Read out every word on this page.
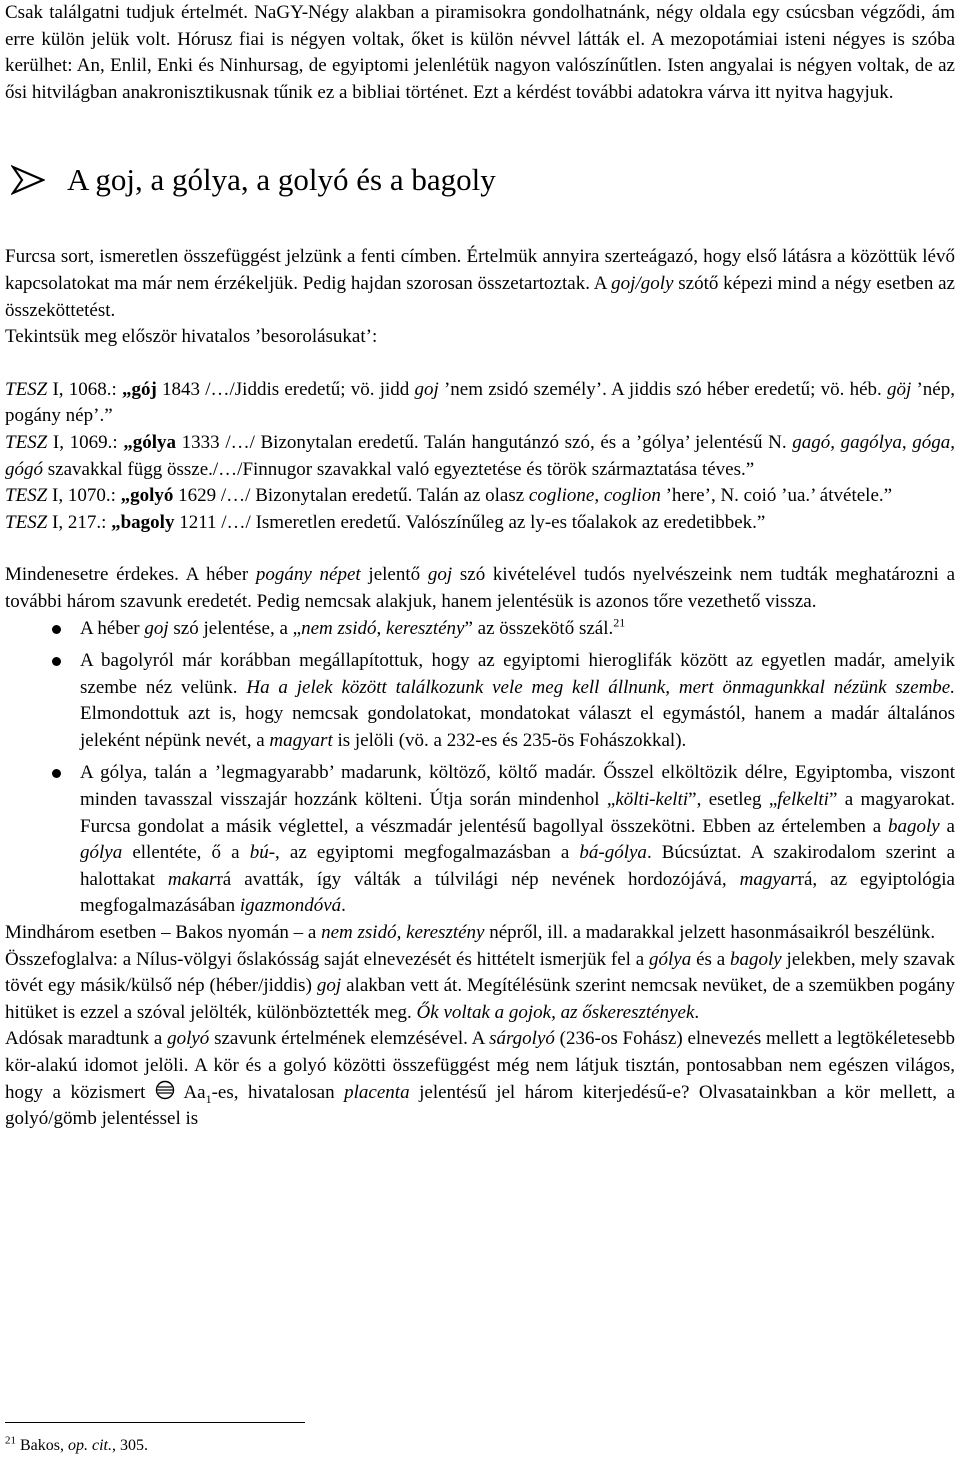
Csak találgatni tudjuk értelmét. NaGY-Négy alakban a piramisokra gondolhatnánk, négy oldala egy csúcsban végződi, ám erre külön jelük volt. Hórusz fiai is négyen voltak, őket is külön névvel látták el. A mezopotámiai isteni négyes is szóba kerülhet: An, Enlil, Enki és Ninhursag, de egyiptomi jelenlétük nagyon valószínűtlen. Isten angyalai is négyen voltak, de az ősi hitvilágban anakronisztikusnak tűnik ez a bibliai történet. Ezt a kérdést további adatokra várva itt nyitva hagyjuk.

A goj, a gólya, a golyó és a bagoly

Furcsa sort, ismeretlen összefüggést jelzünk a fenti címben. Értelmük annyira szerteágazó, hogy első látásra a közöttük lévő kapcsolatokat ma már nem érzékeljük. Pedig hajdan szorosan összetartoztak. A goj/goly szótő képezi mind a négy esetben az összeköttetést.

Tekintsük meg először hivatalos ’besorolásukat’:

TESZ I, 1068.: „gój 1843 /…/Jiddis eredetű; vö. jidd goj ’nem zsidó személy’. A jiddis szó héber eredetű; vö. héb. göj ’nép, pogány nép’.”

TESZ I, 1069.: „gólya 1333 /…/ Bizonytalan eredetű. Talán hangutánzó szó, és a ’gólya’ jelentésű N. gagó, gagólya, góga, gógó szavakkal függ össze./…/Finnugor szavakkal való egyeztetése és török származtatása téves.”

TESZ I, 1070.: „golyó 1629 /…/ Bizonytalan eredetű. Talán az olasz coglione, coglion ’here’, N. coió ’ua.’ átvétele.”

TESZ I, 217.: „bagoly 1211 /…/ Ismeretlen eredetű. Valószínűleg az ly-es tőalakok az eredetibbek.”

Mindenesetre érdekes. A héber pogány népet jelentő goj szó kivételével tudós nyelvészeink nem tudták meghatározni a további három szavunk eredetét. Pedig nemcsak alakjuk, hanem jelentésük is azonos tőre vezethető vissza.

A héber goj szó jelentése, a „nem zsidó, keresztény” az összekötő szál.$^{21}$
A bagolyról már korábban megállapítottuk, hogy az egyiptomi hieroglifák között az egyetlen madár, amelyik szembe néz velünk. Ha a jelek között találkozunk vele meg kell állnunk, mert önmagunkkal nézünk szembe. Elmondottuk azt is, hogy nemcsak gondolatokat, mondatokat választ el egymástól, hanem a madár általános jeleként népünk nevét, a magyart is jelöli (vö. a 232-es és 235-ös Fohászokkal).
A gólya, talán a ’legmagyarabb’ madarunk, költöző, költő madár. Ősszel elköltözik délre, Egyiptomba, viszont minden tavasszal visszajár hozzánk költeni. Útja során mindenhol „költi-kelti”, esetleg „felkelti” a magyarokat. Furcsa gondolat a másik véglettel, a vészmadár jelentésű bagollyal összekötni. Ebben az értelemben a bagoly a gólya ellentéte, ő a bú-, az egyiptomi megfogalmazásban a bá-gólya. Búcsúztat. A szakirodalom szerint a halottakat makarrá avatták, így válták a túlvilági nép nevének hordozójává, magyarrá, az egyiptológia megfogalmazásában igazmondóvá.

Mindhárom esetben – Bakos nyomán – a nem zsidó, keresztény népről, ill. a madarakkal jelzett hasonmásaikról beszélünk.

Összefoglalva: a Nílus-völgyi őslakósság saját elnevezését és hittételt ismerjük fel a gólya és a bagoly jelekben, mely szavak tövét egy másik/külső nép (héber/jiddis) goj alakban vett át. Megítélésünk szerint nemcsak nevüket, de a szemükben pogány hitüket is ezzel a szóval jelölték, különböztették meg. Ők voltak a gojok, az őskeresztények.

Adósak maradtunk a golyó szavunk értelmének elemzésével. A sárgolyó (236-os Fohász) elnevezés mellett a legtökéletesebb kör-alakú idomot jelöli. A kör és a golyó közötti összefüggést még nem látjuk tisztán, pontosabban nem egészen világos, hogy a közismert $Aa_1-es$, hivatalosan placenta jelentésű jel három kiterjedésű-e? Olvasatainkban a kör mellett, a golyó/gömb jelentéssel is

$^{21}$ Bakos, op. cit., 305.
